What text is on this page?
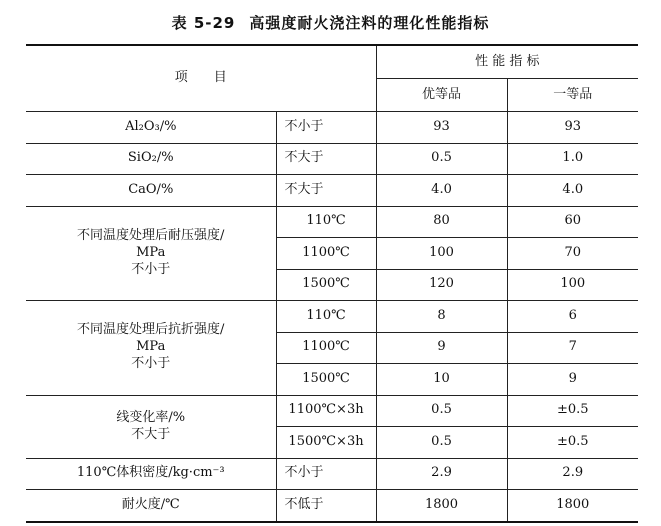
表 5-29 高强度耐火浇注料的理化性能指标
项　　目		性 能 指 标	
		优等品	一等品
Al₂O₃/%	不小于	93	93
SiO₂/%	不大于	0.5	1.0
CaO/%	不大于	4.0	4.0

不同温度处理后耐压强度/
MPa
不小于	110℃	80	60
	1100℃	100	70
	1500℃	120	100

不同温度处理后抗折强度/
MPa
不小于	110℃	8	6
	1100℃	9	7
	1500℃	10	9

线变化率/%
不大于	1100℃×3h	0.5	±0.5
	1500℃×3h	0.5	±0.5
110℃体积密度/kg·cm⁻³	不小于	2.9	2.9
耐火度/℃	不低于	1800	1800
